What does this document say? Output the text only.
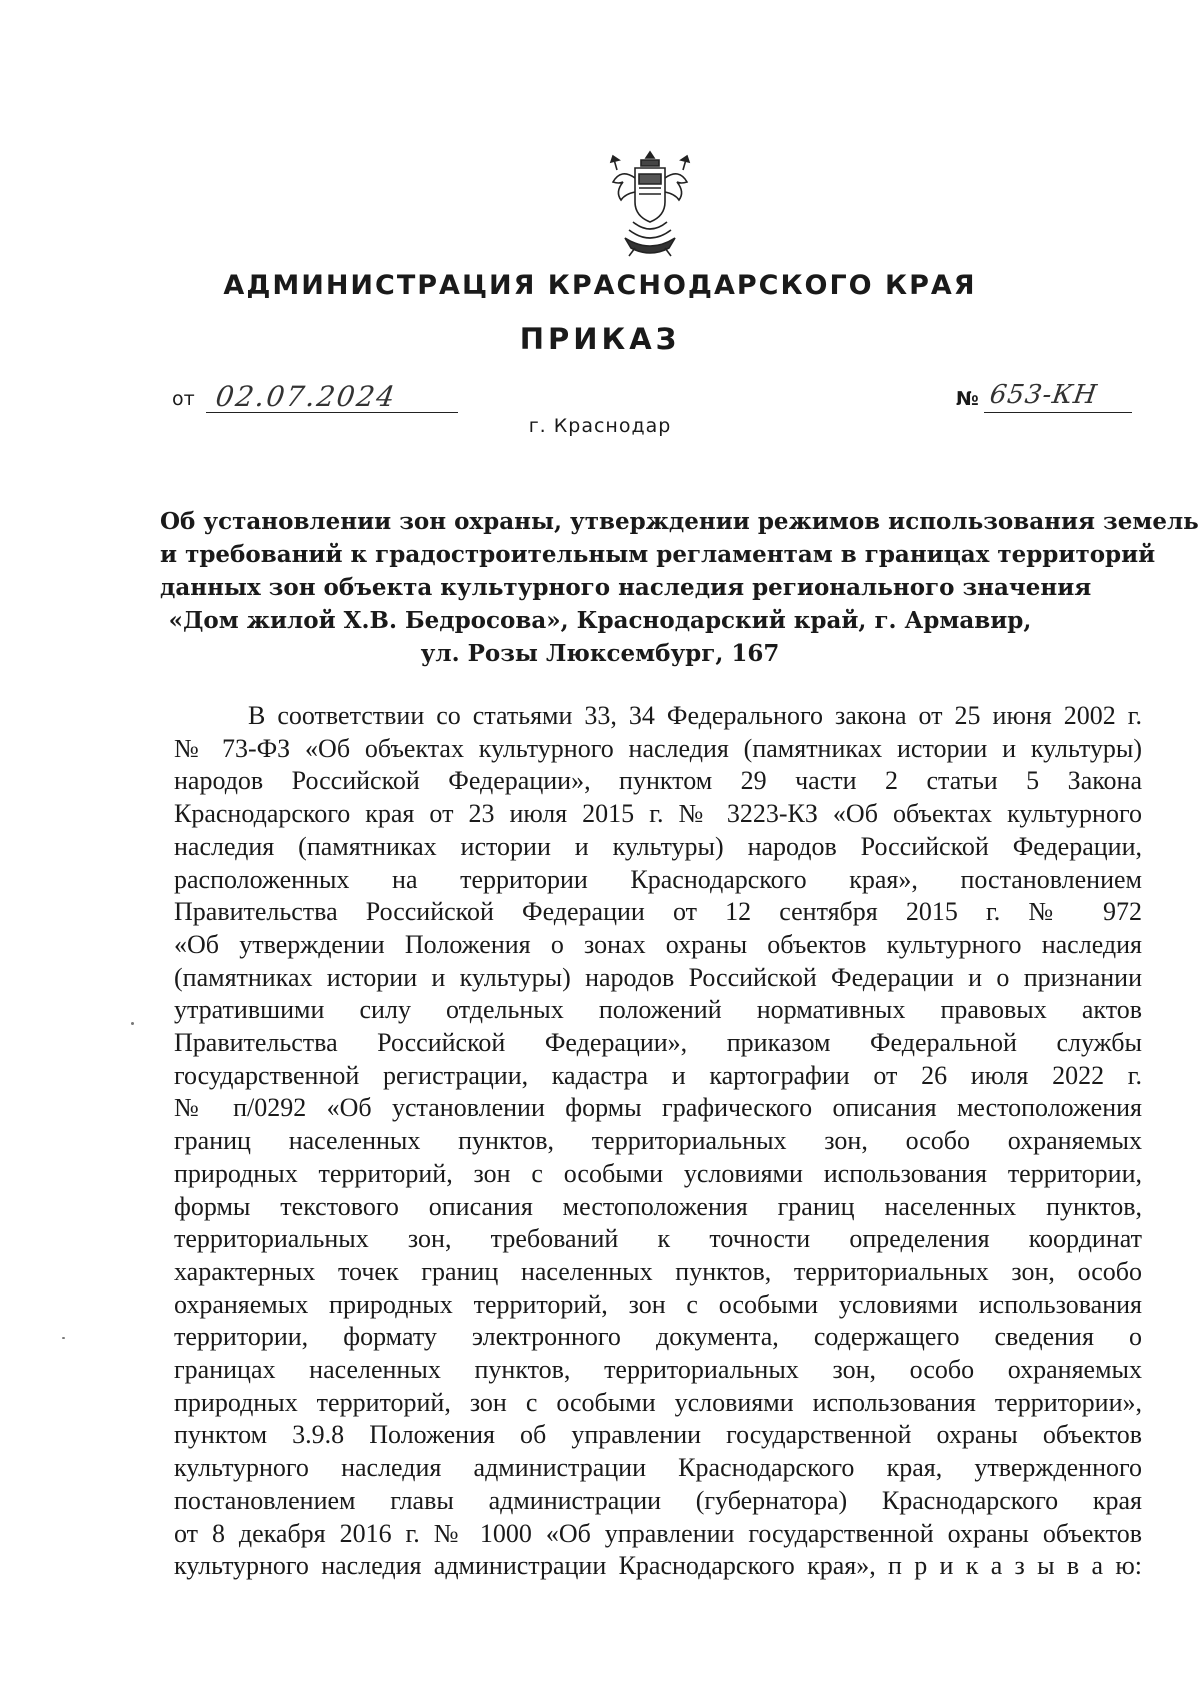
АДМИНИСТРАЦИЯ КРАСНОДАРСКОГО КРАЯ
ПРИКАЗ
от 02.07.2024
г. Краснодар
№ 653-КН
Об установлении зон охраны, утверждении режимов использования земель
и требований к градостроительным регламентам в границах территорий
данных зон объекта культурного наследия регионального значения
«Дом жилой Х.В. Бедросова», Краснодарский край, г. Армавир,
ул. Розы Люксембург, 167
В соответствии со статьями 33, 34 Федерального закона от 25 июня 2002 г.
№ 73-ФЗ «Об объектах культурного наследия (памятниках истории и культуры)
народов Российской Федерации», пунктом 29 части 2 статьи 5 Закона
Краснодарского края от 23 июля 2015 г. № 3223-КЗ «Об объектах культурного
наследия (памятниках истории и культуры) народов Российской Федерации,
расположенных на территории Краснодарского края», постановлением
Правительства Российской Федерации от 12 сентября 2015 г. № 972
«Об утверждении Положения о зонах охраны объектов культурного наследия
(памятниках истории и культуры) народов Российской Федерации и о признании
утратившими силу отдельных положений нормативных правовых актов
Правительства Российской Федерации», приказом Федеральной службы
государственной регистрации, кадастра и картографии от 26 июля 2022 г.
№ п/0292 «Об установлении формы графического описания местоположения
границ населенных пунктов, территориальных зон, особо охраняемых
природных территорий, зон с особыми условиями использования территории,
формы текстового описания местоположения границ населенных пунктов,
территориальных зон, требований к точности определения координат
характерных точек границ населенных пунктов, территориальных зон, особо
охраняемых природных территорий, зон с особыми условиями использования
территории, формату электронного документа, содержащего сведения о
границах населенных пунктов, территориальных зон, особо охраняемых
природных территорий, зон с особыми условиями использования территории»,
пунктом 3.9.8 Положения об управлении государственной охраны объектов
культурного наследия администрации Краснодарского края, утвержденного
постановлением главы администрации (губернатора) Краснодарского края
от 8 декабря 2016 г. № 1000 «Об управлении государственной охраны объектов
культурного наследия администрации Краснодарского края», п р и к а з ы в а ю:
